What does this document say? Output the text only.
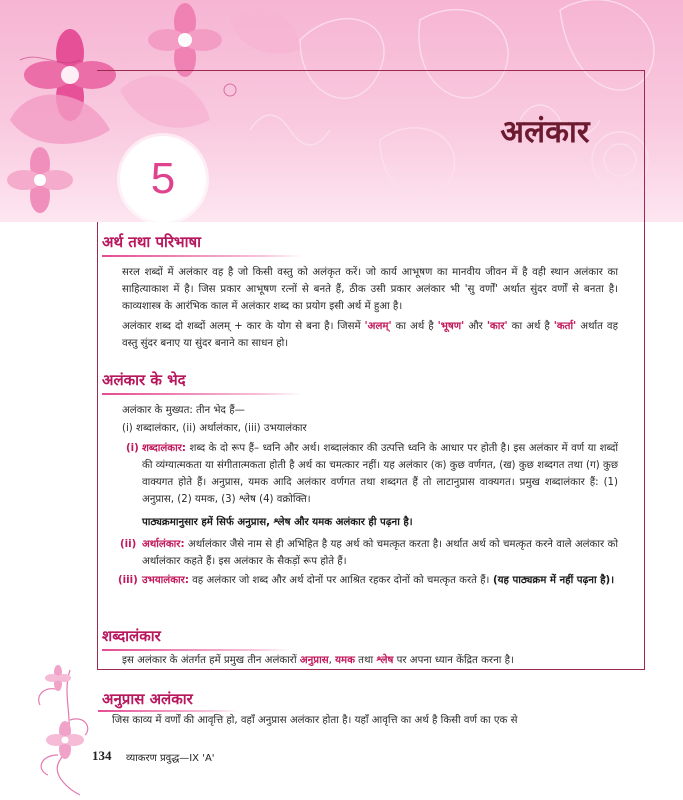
5
अलंकार
अर्थ तथा परिभाषा
सरल शब्दों में अलंकार वह है जो किसी वस्तु को अलंकृत करें। जो कार्य आभूषण का मानवीय जीवन में है वही स्थान अलंकार का साहित्याकाश में है। जिस प्रकार आभूषण रत्नों से बनते हैं, ठीक उसी प्रकार अलंकार भी 'सु वर्णों' अर्थात सुंदर वर्णों से बनता है। काव्यशास्त्र के आरंभिक काल में अलंकार शब्द का प्रयोग इसी अर्थ में हुआ है।
अलंकार शब्द दो शब्दों अलम् + कार के योग से बना है। जिसमें 'अलम्' का अर्थ है 'भूषण' और 'कार' का अर्थ है 'कर्ता' अर्थात वह वस्तु सुंदर बनाए या सुंदर बनाने का साधन हो।
अलंकार के भेद
अलंकार के मुख्यत: तीन भेद हैं—
(i) शब्दालंकार, (ii) अर्थालंकार, (iii) उभयालंकार
(i) शब्दालंकार: शब्द के दो रूप हैं– ध्वनि और अर्थ। शब्दालंकार की उत्पत्ति ध्वनि के आधार पर होती है। इस अलंकार में वर्ण या शब्दों की व्यंग्यात्मकता या संगीतात्मकता होती है अर्थ का चमत्कार नहीं। यह अलंकार (क) कुछ वर्णगत, (ख) कुछ शब्दगत तथा (ग) कुछ वाक्यगत होते हैं। अनुप्रास, यमक आदि अलंकार वर्णगत तथा शब्दगत हैं तो लाटानुप्रास वाक्यगत। प्रमुख शब्दालंकार हैं: (1) अनुप्रास, (2) यमक, (3) श्लेष (4) वक्रोक्ति।
पाठ्यक्रमानुसार हमें सिर्फ अनुप्रास, श्लेष और यमक अलंकार ही पढ़ना है।
(ii) अर्थालंकार: अर्थालंकार जैसे नाम से ही अभिहित है यह अर्थ को चमत्कृत करता है। अर्थात अर्थ को चमत्कृत करने वाले अलंकार को अर्थालंकार कहते हैं। इस अलंकार के सैकड़ों रूप होते हैं।
(iii) उभयालंकार: वह अलंकार जो शब्द और अर्थ दोनों पर आश्रित रहकर दोनों को चमत्कृत करते हैं। (यह पाठ्यक्रम में नहीं पढ़ना है)।
शब्दालंकार
इस अलंकार के अंतर्गत हमें प्रमुख तीन अलंकारों अनुप्रास, यमक तथा श्लेष पर अपना ध्यान केंद्रित करना है।
अनुप्रास अलंकार
जिस काव्य में वर्णों की आवृत्ति हो, वहाँ अनुप्रास अलंकार होता है। यहाँ आवृत्ति का अर्थ है किसी वर्ण का एक से
134 व्याकरण प्रवुद्ध—IX 'A'
